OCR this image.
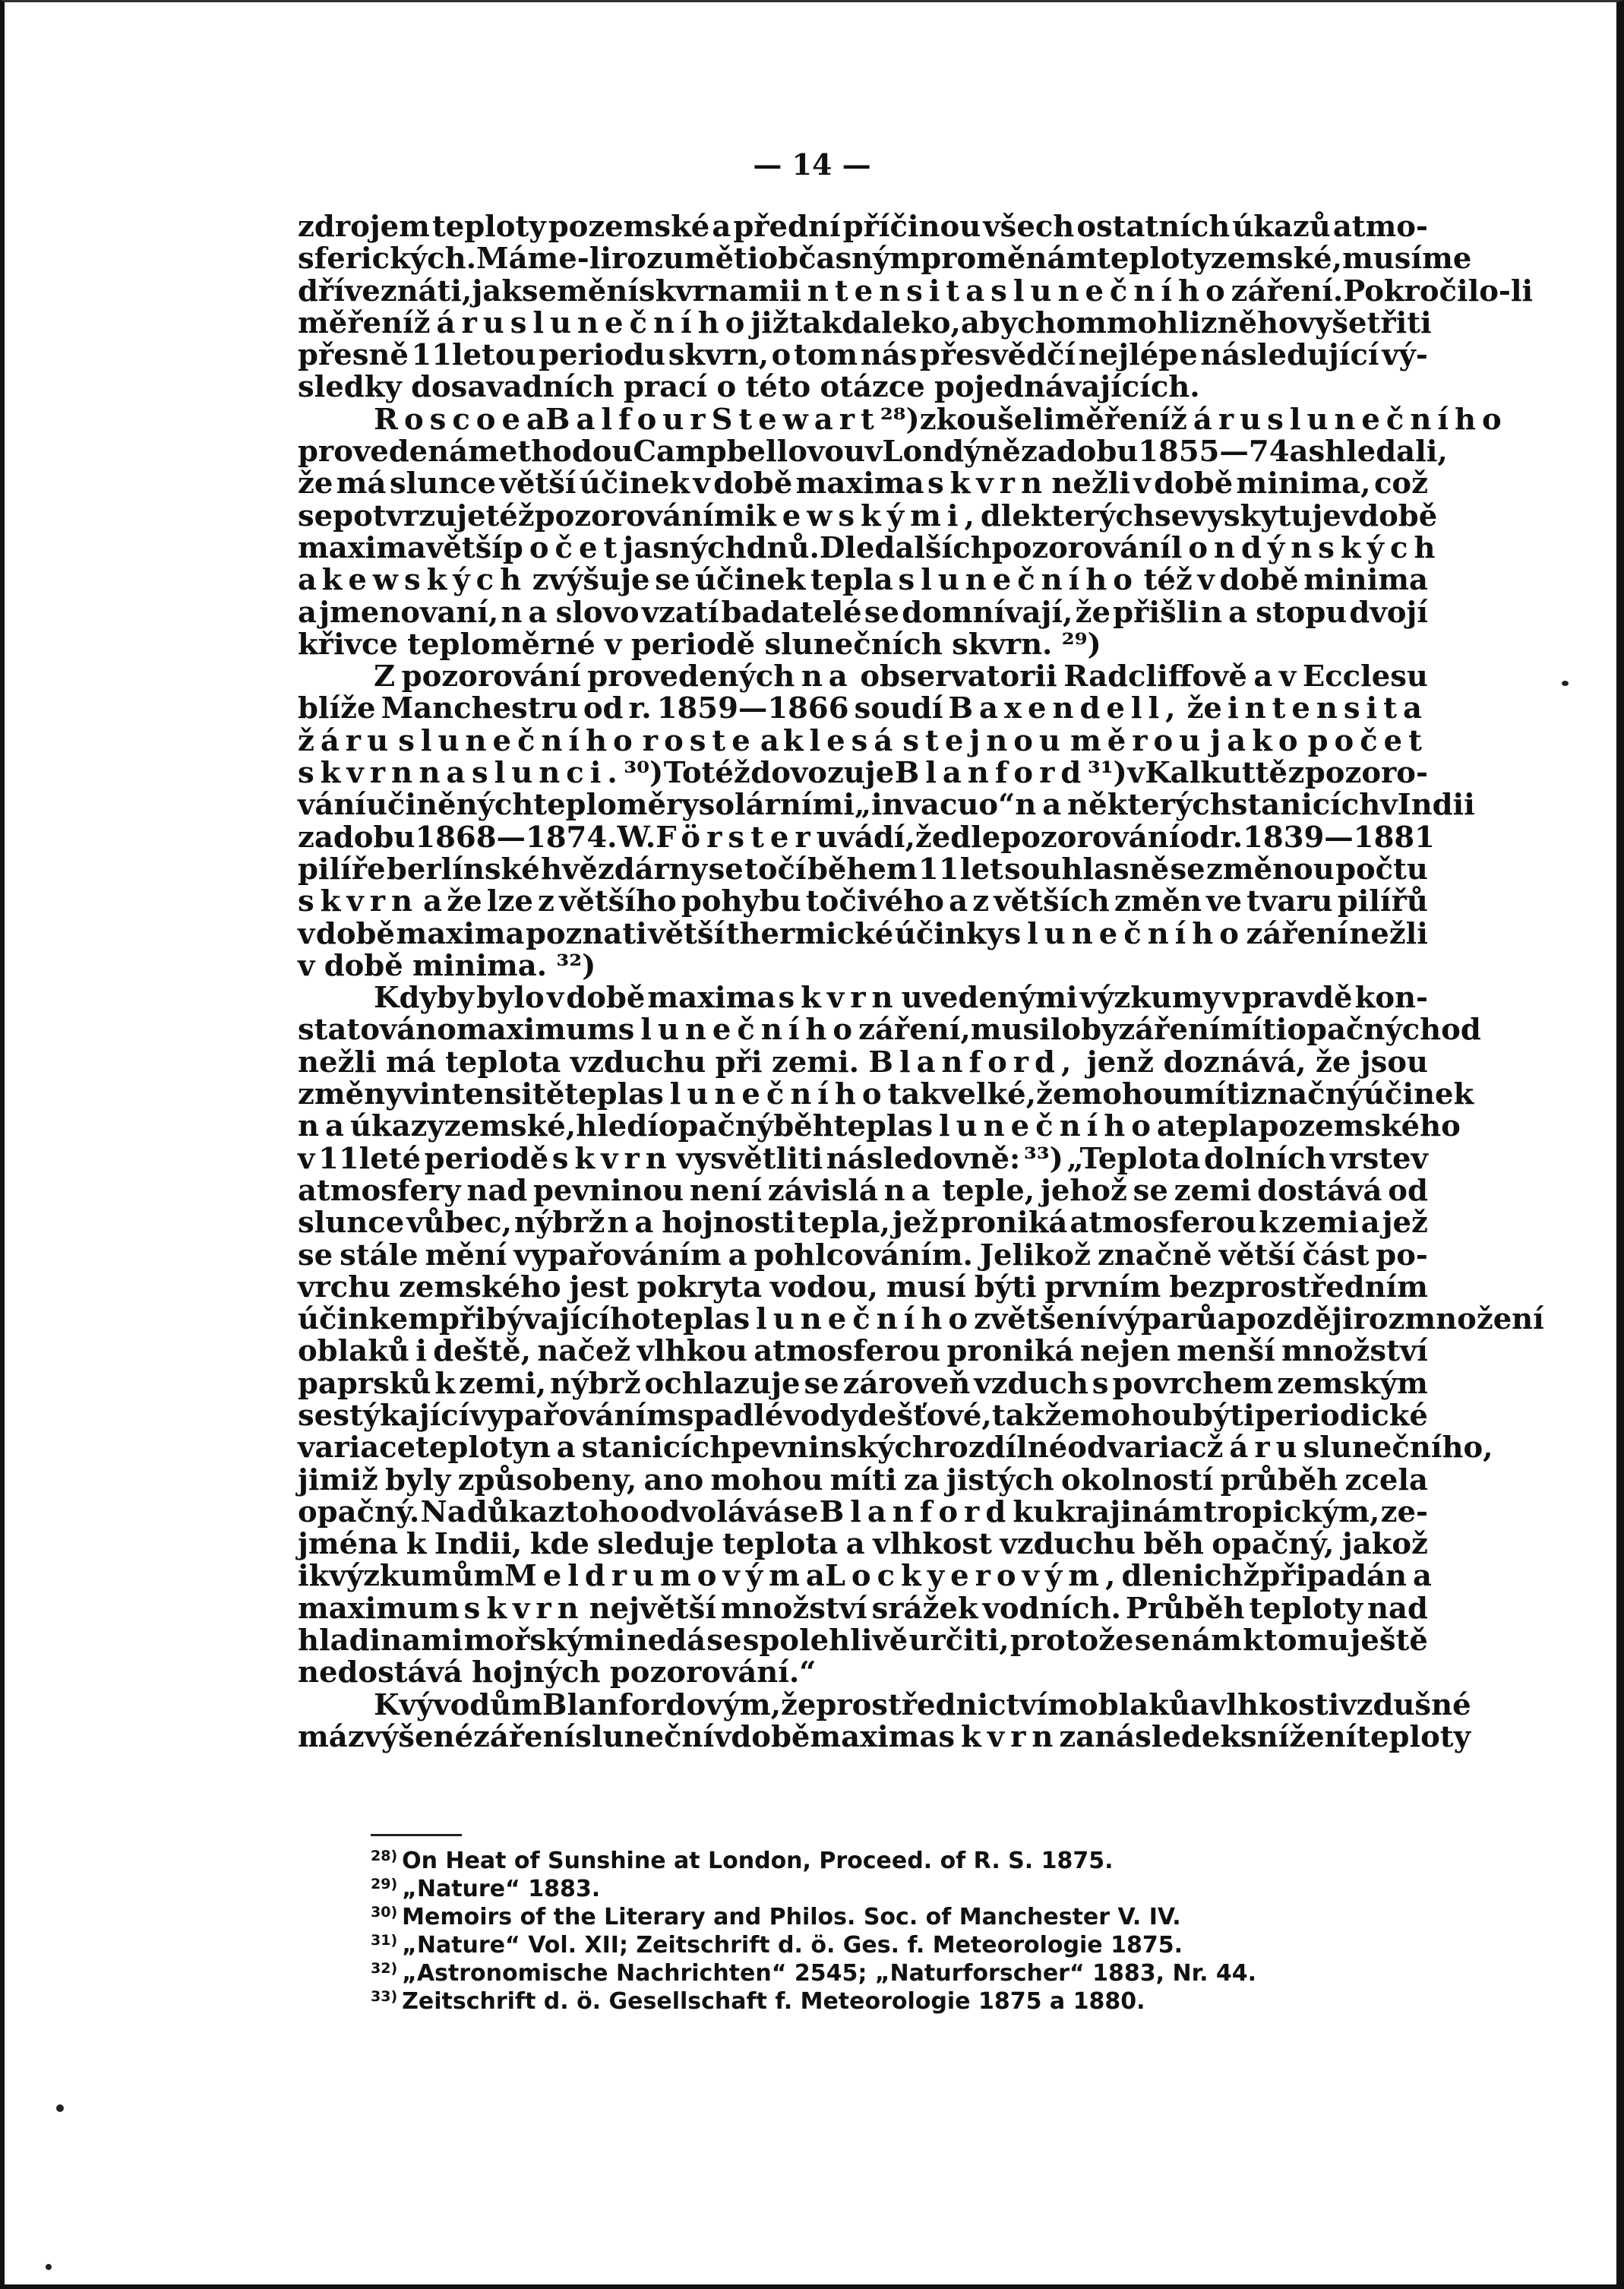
— 14 —
zdrojem teploty pozemské a přední příčinou všech ostatních úkazů atmo-
sferických. Máme-li rozuměti občasným proměnám teploty zemské, musíme
dříve znáti, jak se mění skvrnami intensita slunečního záření. Pokročilo-li
měření žáru slunečního již tak daleko, abychom mohli z něho vyšetřiti
přesně 11letou periodu skvrn, o tom nás přesvědčí nejlépe následující vý-
sledky dosavadních prací o této otázce pojednávajících.
Roscoe a Balfour Stewart ²⁸) zkoušeli měření žáru slunečního
provedená methodou Campbellovou v Londýně za dobu 1855—74 a shledali,
že má slunce větší účinek v době maxima skvrn nežli v době minima, což
se potvrzuje též pozorováními kewskými, dle kterých se vyskytuje v době
maxima větší počet jasných dnů. Dle dalších pozorování londýnských
a kewských zvýšuje se účinek tepla slunečního též v době minima
a jmenovaní, na slovo vzatí badatelé se domnívají, že přišli na stopu dvojí
křivce teploměrné v periodě slunečních skvrn. ²⁹)
Z pozorování provedených na observatorii Radcliffově a v Ecclesu
blíže Manchestru od r. 1859—1866 soudí Baxendell, že intensita
žáru slunečního roste a klesá stejnou měrou jako počet
skvrn na slunci. ³⁰) Totéž dovozuje Blanford ³¹) v Kalkuttě z pozoro-
vání učiněných teploměry solárními „in vacuo“ na některých stanicích v Indii
za dobu 1868—1874. W. Förster uvádí, že dle pozorování od r. 1839—1881
pilíře berlínské hvězdárny se točí během 11 let souhlasně se změnou počtu
skvrn a že lze z většího pohybu točivého a z větších změn ve tvaru pilířů
v době maxima poznati větší thermické účinky slunečního záření nežli
v době minima. ³²)
Kdyby bylo v době maxima skvrn uvedenými výzkumy v pravdě kon-
statováno maximum slunečního záření, musilo by záření míti opačný chod
nežli má teplota vzduchu při zemi. Blanford, jenž doznává, že jsou
změny v intensitě tepla slunečního tak velké, že mohou míti značný účinek
na úkazy zemské, hledí opačný běh tepla slunečního a tepla pozemského
v 11leté periodě skvrn vysvětliti následovně: ³³) „Teplota dolních vrstev
atmosfery nad pevninou není závislá na teple, jehož se zemi dostává od
slunce vůbec, nýbrž na hojnosti tepla, jež proniká atmosferou k zemi a jež
se stále mění vypařováním a pohlcováním. Jelikož značně větší část po-
vrchu zemského jest pokryta vodou, musí býti prvním bezprostředním
účinkem přibývajícího tepla slunečního zvětšení výparů a později rozmnožení
oblaků i deště, načež vlhkou atmosferou proniká nejen menší množství
paprsků k zemi, nýbrž ochlazuje se zároveň vzduch s povrchem zemským
se stýkající vypařováním spadlé vody dešťové, tak že mohou býti periodické
variace teploty na stanicích pevninských rozdílné od variac žáru slunečního,
jimiž byly způsobeny, ano mohou míti za jistých okolností průběh zcela
opačný. Na důkaz toho odvolává se Blanford ku krajinám tropickým, ze-
jména k Indii, kde sleduje teplota a vlhkost vzduchu běh opačný, jakož
i k výzkumům Meldrumovým a Lockyerovým, dle nichž připadá na
maximum skvrn největší množství srážek vodních. Průběh teploty nad
hladinami mořskými nedá se spolehlivě určiti, protože se nám k tomu ještě
nedostává hojných pozorování.“
K vývodům Blanfordovým, že prostřednictvím oblaků a vlhkosti vzdušné
má zvýšené záření sluneční v době maxima skvrn za následek snížení teploty
$^{28)}$ On Heat of Sunshine at London, Proceed. of R. S. 1875.
$^{29)}$ „Nature“ 1883.
$^{30)}$ Memoirs of the Literary and Philos. Soc. of Manchester V. IV.
$^{31)}$ „Nature“ Vol. XII; Zeitschrift d. ö. Ges. f. Meteorologie 1875.
$^{32)}$ „Astronomische Nachrichten“ 2545; „Naturforscher“ 1883, Nr. 44.
$^{33)}$ Zeitschrift d. ö. Gesellschaft f. Meteorologie 1875 a 1880.
